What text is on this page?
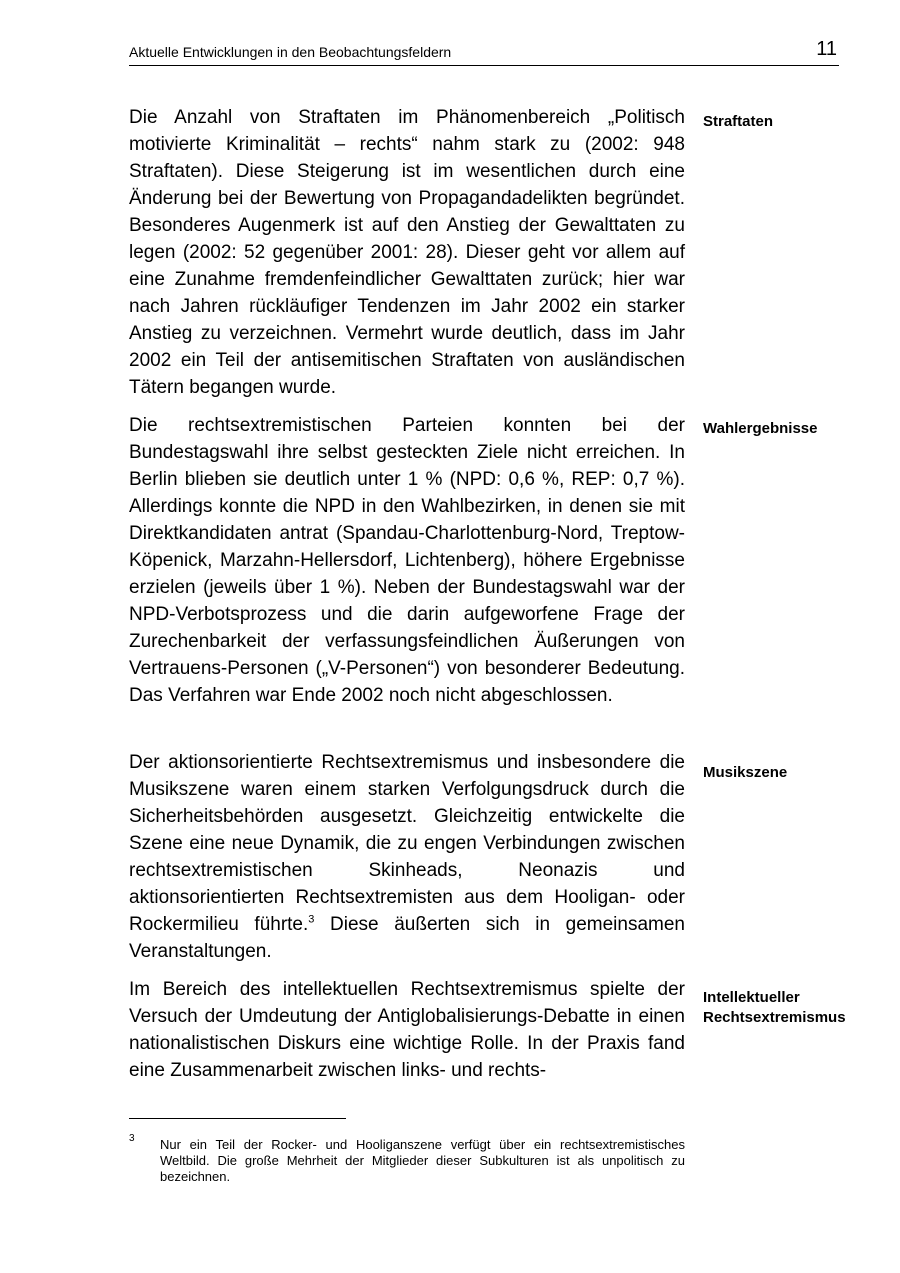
Aktuelle Entwicklungen in den Beobachtungsfeldern	11

Die Anzahl von Straftaten im Phänomenbereich „Politisch motivierte Kriminalität – rechts“ nahm stark zu (2002: 948 Straftaten). Diese Steigerung ist im wesentlichen durch eine Änderung bei der Bewertung von Propagandadelikten begründet. Besonderes Augenmerk ist auf den Anstieg der Gewalttaten zu legen (2002: 52 gegenüber 2001: 28). Dieser geht vor allem auf eine Zunahme fremdenfeindlicher Gewalttaten zurück; hier war nach Jahren rückläufiger Tendenzen im Jahr 2002 ein starker Anstieg zu verzeichnen. Vermehrt wurde deutlich, dass im Jahr 2002 ein Teil der antisemitischen Straftaten von ausländischen Tätern begangen wurde.

Straftaten

Die rechtsextremistischen Parteien konnten bei der Bundestagswahl ihre selbst gesteckten Ziele nicht erreichen. In Berlin blieben sie deutlich unter 1 % (NPD: 0,6 %, REP: 0,7 %). Allerdings konnte die NPD in den Wahlbezirken, in denen sie mit Direktkandidaten antrat (Spandau-Charlottenburg-Nord, Treptow-Köpenick, Marzahn-Hellersdorf, Lichtenberg), höhere Ergebnisse erzielen (jeweils über 1 %). Neben der Bundestagswahl war der NPD-Verbotsprozess und die darin aufgeworfene Frage der Zurechenbarkeit der verfassungsfeindlichen Äußerungen von Vertrauens-Personen („V-Personen“) von besonderer Bedeutung. Das Verfahren war Ende 2002 noch nicht abgeschlossen.

Wahlergebnisse

Der aktionsorientierte Rechtsextremismus und insbesondere die Musikszene waren einem starken Verfolgungsdruck durch die Sicherheitsbehörden ausgesetzt. Gleichzeitig entwickelte die Szene eine neue Dynamik, die zu engen Verbindungen zwischen rechtsextremistischen Skinheads, Neonazis und aktionsorientierten Rechtsextremisten aus dem Hooligan- oder Rockermilieu führte.$^3$ Diese äußerten sich in gemeinsamen Veranstaltungen.

Musikszene

Im Bereich des intellektuellen Rechtsextremismus spielte der Versuch der Umdeutung der Antiglobalisierungs-Debatte in einen nationalistischen Diskurs eine wichtige Rolle. In der Praxis fand eine Zusammenarbeit zwischen links- und rechts-

Intellektueller Rechtsextremismus
3 Nur ein Teil der Rocker- und Hooliganszene verfügt über ein rechtsextremistisches Weltbild. Die große Mehrheit der Mitglieder dieser Subkulturen ist als unpolitisch zu bezeichnen.
